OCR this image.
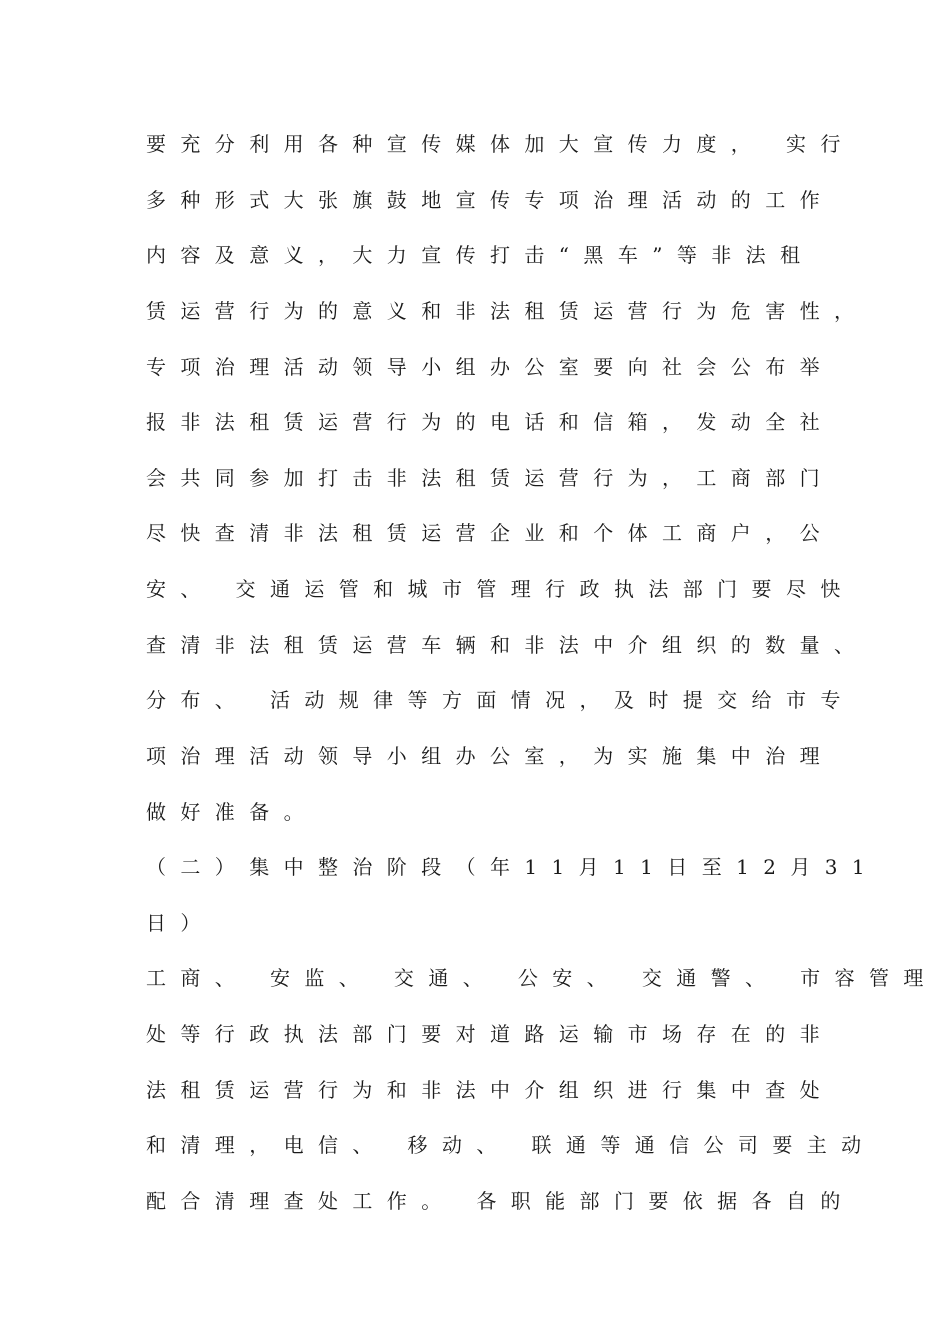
要充分利用各种宣传媒体加大宣传力度， 实行
多种形式大张旗鼓地宣传专项治理活动的工作
内容及意义，大力宣传打击“黑车”等非法租
赁运营行为的意义和非法租赁运营行为危害性，
专项治理活动领导小组办公室要向社会公布举
报非法租赁运营行为的电话和信箱，发动全社
会共同参加打击非法租赁运营行为，工商部门
尽快查清非法租赁运营企业和个体工商户，公
安、 交通运管和城市管理行政执法部门要尽快
查清非法租赁运营车辆和非法中介组织的数量、
分布、 活动规律等方面情况，及时提交给市专
项治理活动领导小组办公室，为实施集中治理
做好准备。
（二）集中整治阶段（年11月11日至12月31
日）
工商、 安监、 交通、 公安、 交通警、 市容管理
处等行政执法部门要对道路运输市场存在的非
法租赁运营行为和非法中介组织进行集中查处
和清理，电信、 移动、 联通等通信公司要主动
配合清理查处工作。 各职能部门要依据各自的
